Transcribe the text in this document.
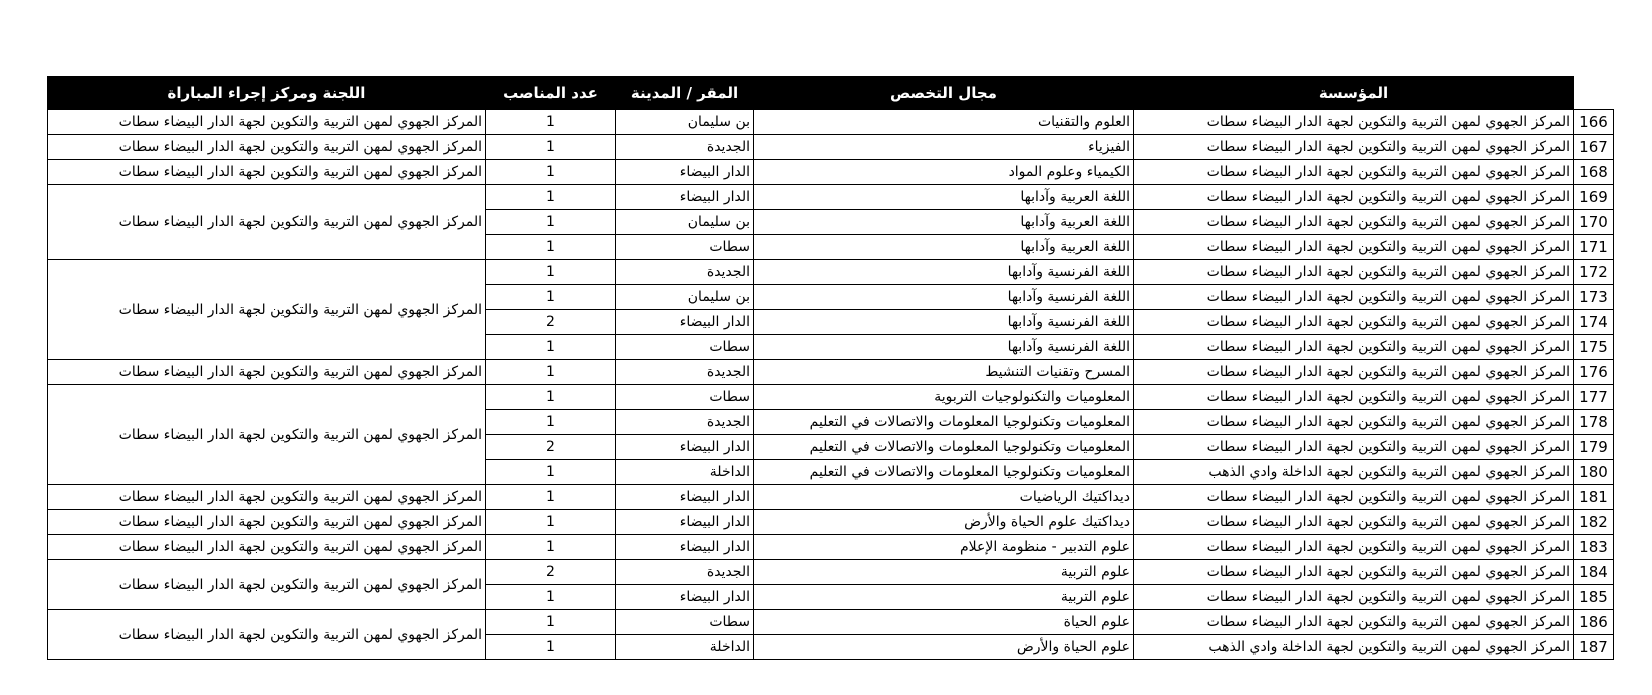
	المؤسسة	مجال التخصص	المقر / المدينة	عدد المناصب	اللجنة ومركز إجراء المباراة
166	المركز الجهوي لمهن التربية والتكوين لجهة الدار البيضاء سطات	العلوم والتقنيات	بن سليمان	1	المركز الجهوي لمهن التربية والتكوين لجهة الدار البيضاء سطات
167	المركز الجهوي لمهن التربية والتكوين لجهة الدار البيضاء سطات	الفيزياء	الجديدة	1	المركز الجهوي لمهن التربية والتكوين لجهة الدار البيضاء سطات
168	المركز الجهوي لمهن التربية والتكوين لجهة الدار البيضاء سطات	الكيمياء وعلوم المواد	الدار البيضاء	1	المركز الجهوي لمهن التربية والتكوين لجهة الدار البيضاء سطات
169	المركز الجهوي لمهن التربية والتكوين لجهة الدار البيضاء سطات	اللغة العربية وآدابها	الدار البيضاء	1	المركز الجهوي لمهن التربية والتكوين لجهة الدار البيضاء سطات
170	المركز الجهوي لمهن التربية والتكوين لجهة الدار البيضاء سطات	اللغة العربية وآدابها	بن سليمان	1	
171	المركز الجهوي لمهن التربية والتكوين لجهة الدار البيضاء سطات	اللغة العربية وآدابها	سطات	1	
172	المركز الجهوي لمهن التربية والتكوين لجهة الدار البيضاء سطات	اللغة الفرنسية وآدابها	الجديدة	1	المركز الجهوي لمهن التربية والتكوين لجهة الدار البيضاء سطات
173	المركز الجهوي لمهن التربية والتكوين لجهة الدار البيضاء سطات	اللغة الفرنسية وآدابها	بن سليمان	1	
174	المركز الجهوي لمهن التربية والتكوين لجهة الدار البيضاء سطات	اللغة الفرنسية وآدابها	الدار البيضاء	2	
175	المركز الجهوي لمهن التربية والتكوين لجهة الدار البيضاء سطات	اللغة الفرنسية وآدابها	سطات	1	
176	المركز الجهوي لمهن التربية والتكوين لجهة الدار البيضاء سطات	المسرح وتقنيات التنشيط	الجديدة	1	المركز الجهوي لمهن التربية والتكوين لجهة الدار البيضاء سطات
177	المركز الجهوي لمهن التربية والتكوين لجهة الدار البيضاء سطات	المعلوميات والتكنولوجيات التربوية	سطات	1	المركز الجهوي لمهن التربية والتكوين لجهة الدار البيضاء سطات
178	المركز الجهوي لمهن التربية والتكوين لجهة الدار البيضاء سطات	المعلوميات وتكنولوجيا المعلومات والاتصالات في التعليم	الجديدة	1	
179	المركز الجهوي لمهن التربية والتكوين لجهة الدار البيضاء سطات	المعلوميات وتكنولوجيا المعلومات والاتصالات في التعليم	الدار البيضاء	2	
180	المركز الجهوي لمهن التربية والتكوين لجهة الداخلة وادي الذهب	المعلوميات وتكنولوجيا المعلومات والاتصالات في التعليم	الداخلة	1	
181	المركز الجهوي لمهن التربية والتكوين لجهة الدار البيضاء سطات	ديداكتيك الرياضيات	الدار البيضاء	1	المركز الجهوي لمهن التربية والتكوين لجهة الدار البيضاء سطات
182	المركز الجهوي لمهن التربية والتكوين لجهة الدار البيضاء سطات	ديداكتيك علوم الحياة والأرض	الدار البيضاء	1	المركز الجهوي لمهن التربية والتكوين لجهة الدار البيضاء سطات
183	المركز الجهوي لمهن التربية والتكوين لجهة الدار البيضاء سطات	علوم التدبير - منظومة الإعلام	الدار البيضاء	1	المركز الجهوي لمهن التربية والتكوين لجهة الدار البيضاء سطات
184	المركز الجهوي لمهن التربية والتكوين لجهة الدار البيضاء سطات	علوم التربية	الجديدة	2	المركز الجهوي لمهن التربية والتكوين لجهة الدار البيضاء سطات
185	المركز الجهوي لمهن التربية والتكوين لجهة الدار البيضاء سطات	علوم التربية	الدار البيضاء	1	
186	المركز الجهوي لمهن التربية والتكوين لجهة الدار البيضاء سطات	علوم الحياة	سطات	1	المركز الجهوي لمهن التربية والتكوين لجهة الدار البيضاء سطات
187	المركز الجهوي لمهن التربية والتكوين لجهة الداخلة وادي الذهب	علوم الحياة والأرض	الداخلة	1	
